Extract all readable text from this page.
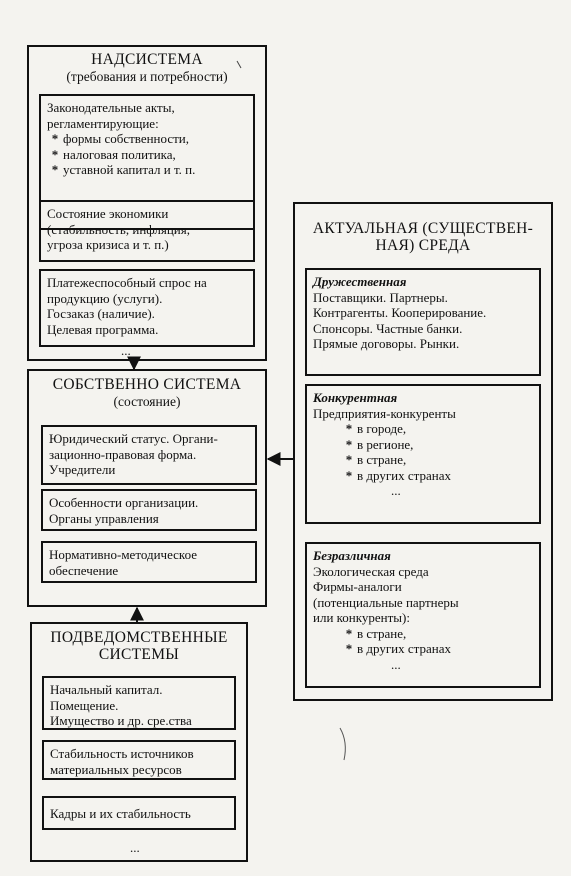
НАДСИСТЕМА
(требования и потребности)
Законодательные акты,
регламентирующие:
* формы собственности,
* налоговая политика,
* уставной капитал и т. п.
Состояние экономики
(стабильность, инфляция,
угроза кризиса и т. п.)
Платежеспособный спрос на
продукцию (услуги).
Госзаказ (наличие).
Целевая программа.
...
СОБСТВЕННО СИСТЕМА
(состояние)
Юридический статус. Органи-
зационно-правовая форма.
Учредители
Особенности организации.
Органы управления
Нормативно-методическое
обеспечение
ПОДВЕДОМСТВЕННЫЕ
СИСТЕМЫ
Начальный капитал.
Помещение.
Имущество и др. сре.ства
Стабильность источников
материальных ресурсов
Кадры и их стабильность
...
АКТУАЛЬНАЯ (СУЩЕСТВЕН-
НАЯ) СРЕДА
Дружественная
Поставщики. Партнеры.
Контрагенты. Кооперирование.
Спонсоры. Частные банки.
Прямые договоры. Рынки.
Конкурентная
Предприятия-конкуренты
* в городе,
* в регионе,
* в стране,
* в других странах
...
Безразличная
Экологическая среда
Фирмы-аналоги
(потенциальные партнеры
или конкуренты):
* в стране,
* в других странах
...
